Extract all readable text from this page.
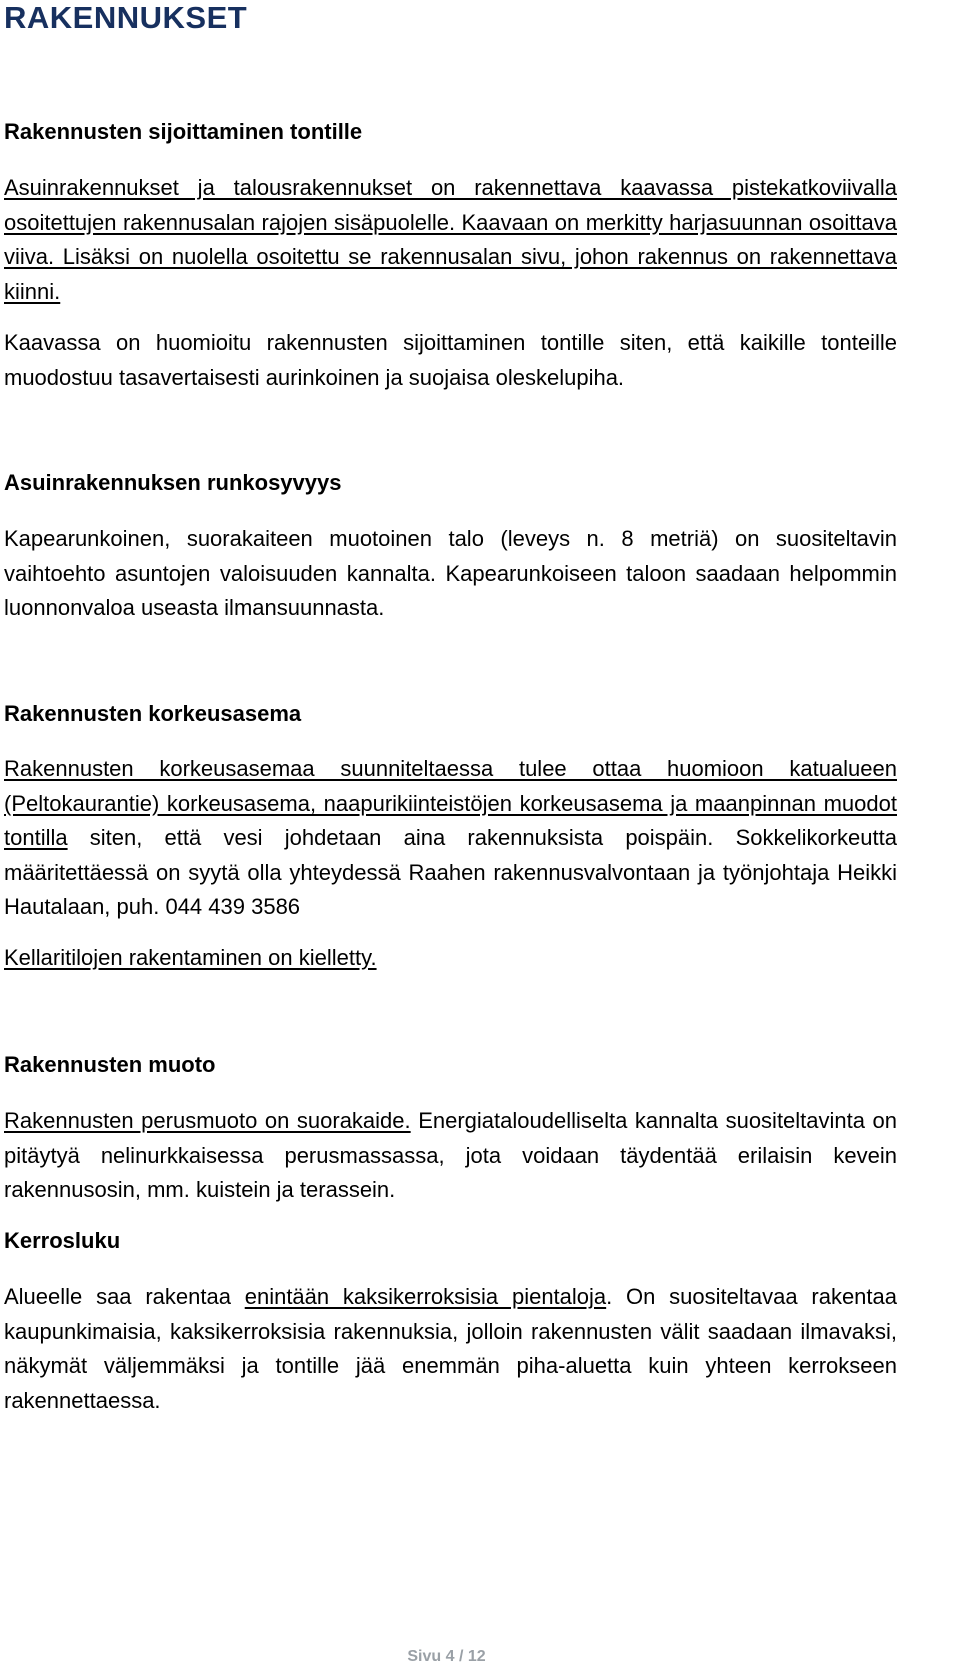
RAKENNUKSET
Rakennusten sijoittaminen tontille

Asuinrakennukset ja talousrakennukset on rakennettava kaavassa pistekatkoviivalla osoitettujen rakennusalan rajojen sisäpuolelle. Kaavaan on merkitty harjasuunnan osoittava viiva. Lisäksi on nuolella osoitettu se rakennusalan sivu, johon rakennus on rakennettava kiinni.

Kaavassa on huomioitu rakennusten sijoittaminen tontille siten, että kaikille tonteille muodostuu tasavertaisesti aurinkoinen ja suojaisa oleskelupiha.

Asuinrakennuksen runkosyvyys

Kapearunkoinen, suorakaiteen muotoinen talo (leveys n. 8 metriä) on suositeltavin vaihtoehto asuntojen valoisuuden kannalta. Kapearunkoiseen taloon saadaan helpommin luonnonvaloa useasta ilmansuunnasta.

Rakennusten korkeusasema

Rakennusten korkeusasemaa suunniteltaessa tulee ottaa huomioon katualueen (Peltokaurantie) korkeusasema, naapurikiinteistöjen korkeusasema ja maanpinnan muodot tontilla siten, että vesi johdetaan aina rakennuksista poispäin. Sokkelikorkeutta määritettäessä on syytä olla yhteydessä Raahen rakennusvalvontaan ja työnjohtaja Heikki Hautalaan, puh. 044 439 3586

Kellaritilojen rakentaminen on kielletty.

Rakennusten muoto

Rakennusten perusmuoto on suorakaide. Energiataloudelliselta kannalta suositeltavinta on pitäytyä nelinurkkaisessa perusmassassa, jota voidaan täydentää erilaisin kevein rakennusosin, mm. kuistein ja terassein.

Kerrosluku

Alueelle saa rakentaa enintään kaksikerroksisia pientaloja. On suositeltavaa rakentaa kaupunkimaisia, kaksikerroksisia rakennuksia, jolloin rakennusten välit saadaan ilmavaksi, näkymät väljemmäksi ja tontille jää enemmän piha-aluetta kuin yhteen kerrokseen rakennettaessa.

Sivu 4 / 12
